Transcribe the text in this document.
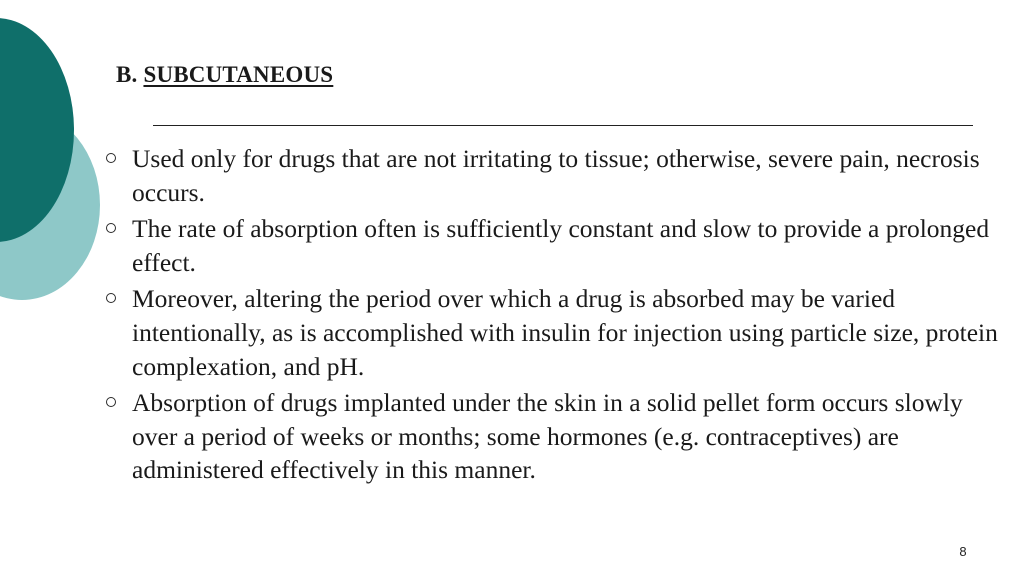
B. SUBCUTANEOUS
Used only for drugs that are not irritating to tissue; otherwise, severe pain, necrosis occurs.
The rate of absorption often is sufficiently constant and slow to provide a prolonged effect.
Moreover, altering the period over which a drug is absorbed may be varied intentionally, as is accomplished with insulin for injection using particle size, protein complexation, and pH.
Absorption of drugs implanted under the skin in a solid pellet form occurs slowly over a period of weeks or months; some hormones (e.g. contraceptives) are administered effectively in this manner.
8
